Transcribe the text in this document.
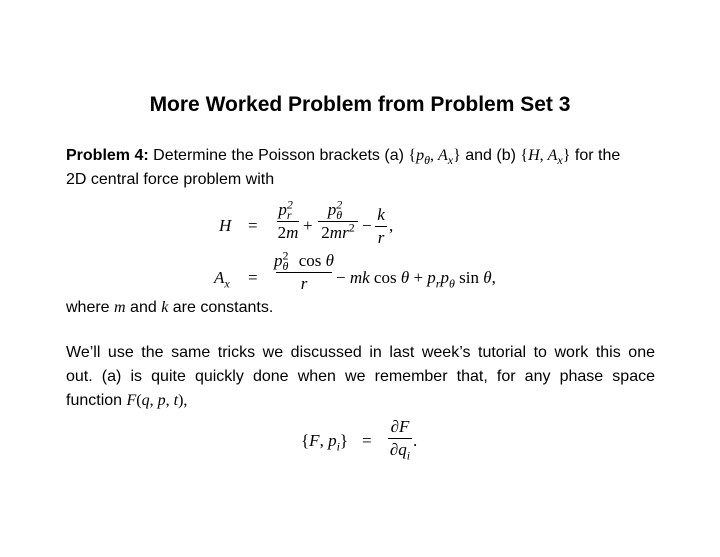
More Worked Problem from Problem Set 3
Problem 4: Determine the Poisson brackets (a) {$p_\theta$, $A_x$} and (b) {H, $A_x$} for the
2D central force problem with
H =
$p^2_r$
2m +
$p^2_\theta$
$2mr^2$ −
k
r
,
$A_x$ =
$p^2_\theta$ cos θ
r − mk $\cos \theta + p_rp_\theta$ sin θ,
where m and k are constants.
We’ll use the same tricks we discussed in last week’s tutorial to work this one
out. (a) is quite quickly done when we remember that, for any phase space
function F(q, p, t),
{F, $p_i$} =
∂F
$\partial q_i$
.
